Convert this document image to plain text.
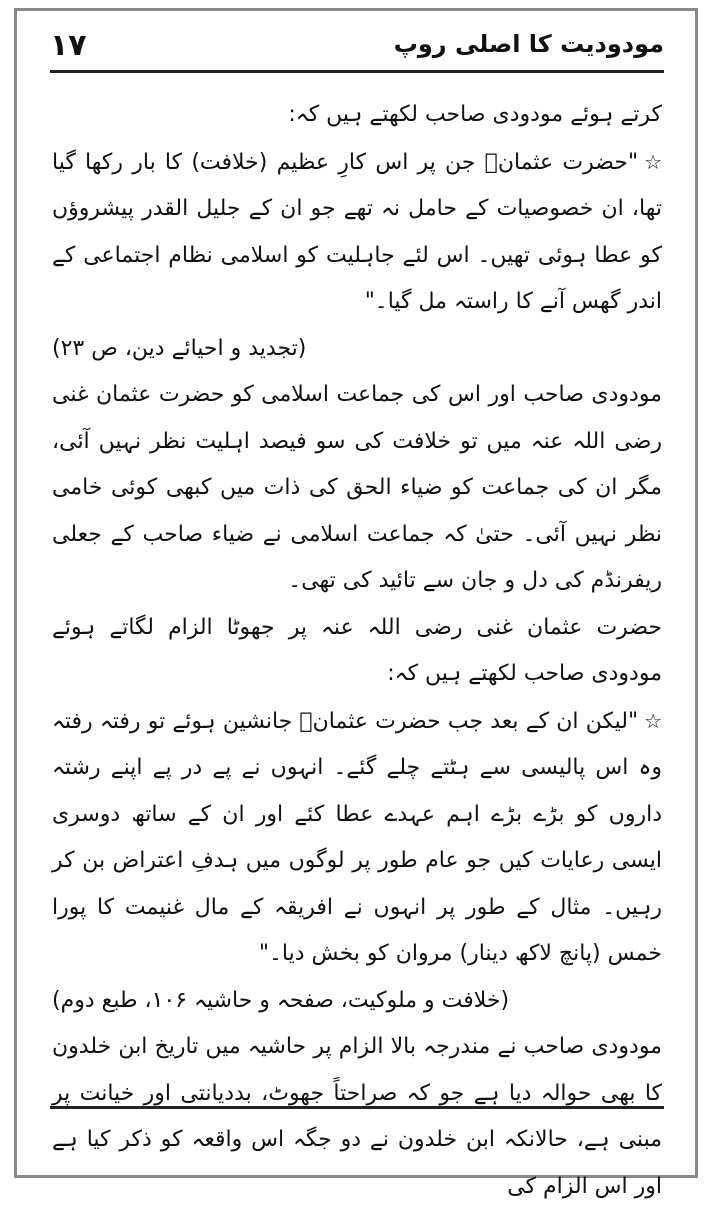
١٧	مودودیت کا اصلی روپ

کرتے ہوئے مودودی صاحب لکھتے ہیں کہ:

☆"حضرت عثمانؓ جن پر اس کارِ عظیم (خلافت) کا بار رکھا گیا تھا، ان خصوصیات کے حامل نہ تھے جو ان کے جلیل القدر پیشروؤں کو عطا ہوئی تھیں۔ اس لئے جاہلیت کو اسلامی نظام اجتماعی کے اندر گھس آنے کا راستہ مل گیا۔"
(تجدید و احیائے دین، ص ۲۳)

مودودی صاحب اور اس کی جماعت اسلامی کو حضرت عثمان غنی رضی اللہ عنہ میں تو خلافت کی سو فیصد اہلیت نظر نہیں آئی، مگر ان کی جماعت کو ضیاء الحق کی ذات میں کبھی کوئی خامی نظر نہیں آئی۔ حتیٰ کہ جماعت اسلامی نے ضیاء صاحب کے جعلی ریفرنڈم کی دل و جان سے تائید کی تھی۔

حضرت عثمان غنی رضی اللہ عنہ پر جھوٹا الزام لگاتے ہوئے مودودی صاحب لکھتے ہیں کہ:

☆"لیکن ان کے بعد جب حضرت عثمانؓ جانشین ہوئے تو رفتہ رفتہ وہ اس پالیسی سے ہٹتے چلے گئے۔ انہوں نے پے در پے اپنے رشتہ داروں کو بڑے بڑے اہم عہدے عطا کئے اور ان کے ساتھ دوسری ایسی رعایات کیں جو عام طور پر لوگوں میں ہدفِ اعتراض بن کر رہیں۔ مثال کے طور پر انہوں نے افریقہ کے مال غنیمت کا پورا خمس (پانچ لاکھ دینار) مروان کو بخش دیا۔"
(خلافت و ملوکیت، صفحہ و حاشیہ ۱۰۶، طبع دوم)

مودودی صاحب نے مندرجہ بالا الزام پر حاشیہ میں تاریخ ابن خلدون کا بھی حوالہ دیا ہے جو کہ صراحتاً جھوٹ، بددیانتی اور خیانت پر مبنی ہے، حالانکہ ابن خلدون نے دو جگہ اس واقعہ کو ذکر کیا ہے اور اس الزام کی
